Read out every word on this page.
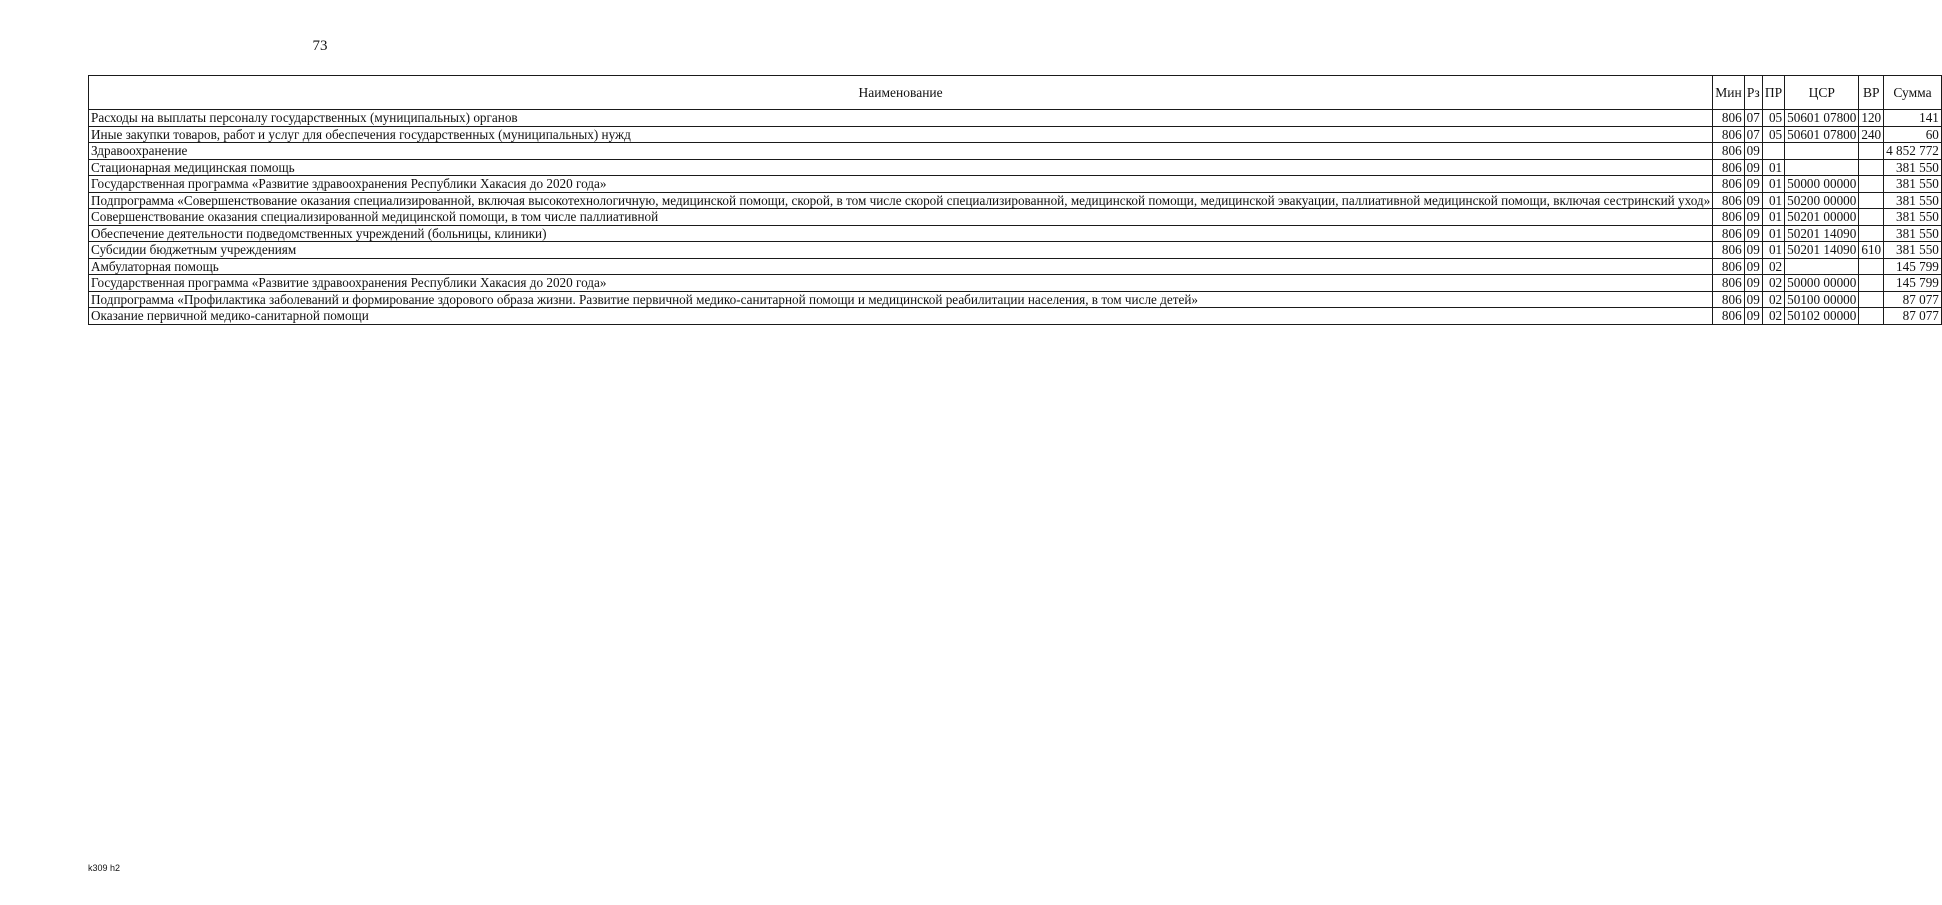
73
Наименование	Мин	Рз	ПР	ЦСР	ВР	Сумма
Расходы на выплаты персоналу государственных (муниципальных) органов	806	07	05	50601 07800	120	141
Иные закупки товаров, работ и услуг для обеспечения государственных (муниципальных) нужд	806	07	05	50601 07800	240	60
Здравоохранение	806	09				4 852 772
Стационарная медицинская помощь	806	09	01			381 550
Государственная программа «Развитие здравоохранения Республики Хакасия до 2020 года»	806	09	01	50000 00000		381 550
Подпрограмма «Совершенствование оказания специализированной, включая высокотехнологичную, медицинской помощи, скорой, в том числе скорой специализированной, медицинской помощи, медицинской эвакуации, паллиативной медицинской помощи, включая сестринский уход»	806	09	01	50200 00000		381 550
Совершенствование оказания специализированной медицинской помощи, в том числе паллиативной	806	09	01	50201 00000		381 550
Обеспечение деятельности подведомственных учреждений (больницы, клиники)	806	09	01	50201 14090		381 550
Субсидии бюджетным учреждениям	806	09	01	50201 14090	610	381 550
Амбулаторная помощь	806	09	02			145 799
Государственная программа «Развитие здравоохранения Республики Хакасия до 2020 года»	806	09	02	50000 00000		145 799
Подпрограмма «Профилактика заболеваний и формирование здорового образа жизни. Развитие первичной медико-санитарной помощи и медицинской реабилитации населения, в том числе детей»	806	09	02	50100 00000		87 077
Оказание первичной медико-санитарной помощи	806	09	02	50102 00000		87 077
k309 h2
